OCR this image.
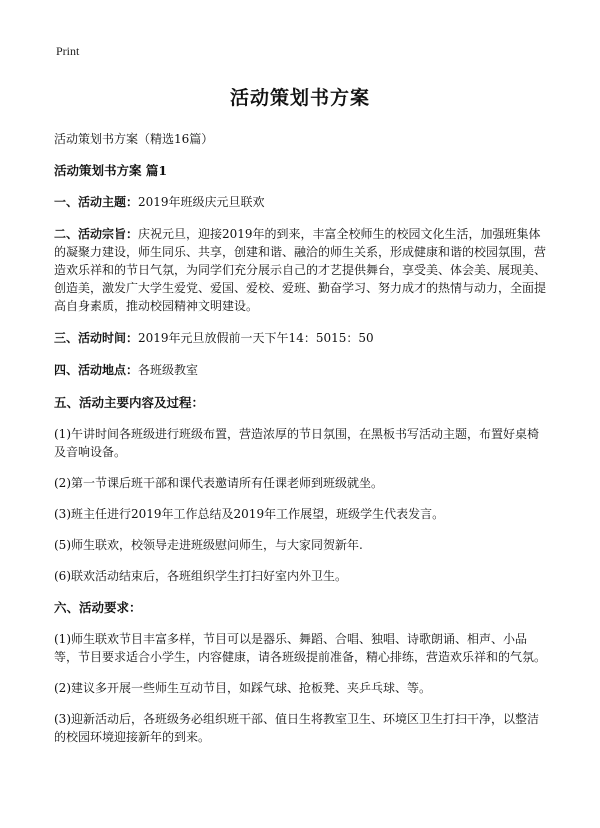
Print
活动策划书方案
活动策划书方案（精选16篇）
活动策划书方案 篇1
一、活动主题：2019年班级庆元旦联欢
二、活动宗旨：庆祝元旦，迎接2019年的到来，丰富全校师生的校园文化生活，加强班集体的凝聚力建设，师生同乐、共享，创建和谐、融洽的师生关系，形成健康和谐的校园氛围，营造欢乐祥和的节日气氛，为同学们充分展示自己的才艺提供舞台，享受美、体会美、展现美、创造美，激发广大学生爱党、爱国、爱校、爱班、勤奋学习、努力成才的热情与动力，全面提高自身素质，推动校园精神文明建设。
三、活动时间：2019年元旦放假前一天下午14：5015：50
四、活动地点：各班级教室
五、活动主要内容及过程：
(1)午讲时间各班级进行班级布置，营造浓厚的节日氛围，在黑板书写活动主题，布置好桌椅及音响设备。
(2)第一节课后班干部和课代表邀请所有任课老师到班级就坐。
(3)班主任进行2019年工作总结及2019年工作展望，班级学生代表发言。
(5)师生联欢，校领导走进班级慰问师生，与大家同贺新年.
(6)联欢活动结束后，各班组织学生打扫好室内外卫生。
六、活动要求：
(1)师生联欢节目丰富多样，节目可以是器乐、舞蹈、合唱、独唱、诗歌朗诵、相声、小品等，节目要求适合小学生，内容健康，请各班级提前准备，精心排练，营造欢乐祥和的气氛。
(2)建议多开展一些师生互动节目，如踩气球、抢板凳、夹乒乓球、等。
(3)迎新活动后，各班级务必组织班干部、值日生将教室卫生、环境区卫生打扫干净，以整洁的校园环境迎接新年的到来。
